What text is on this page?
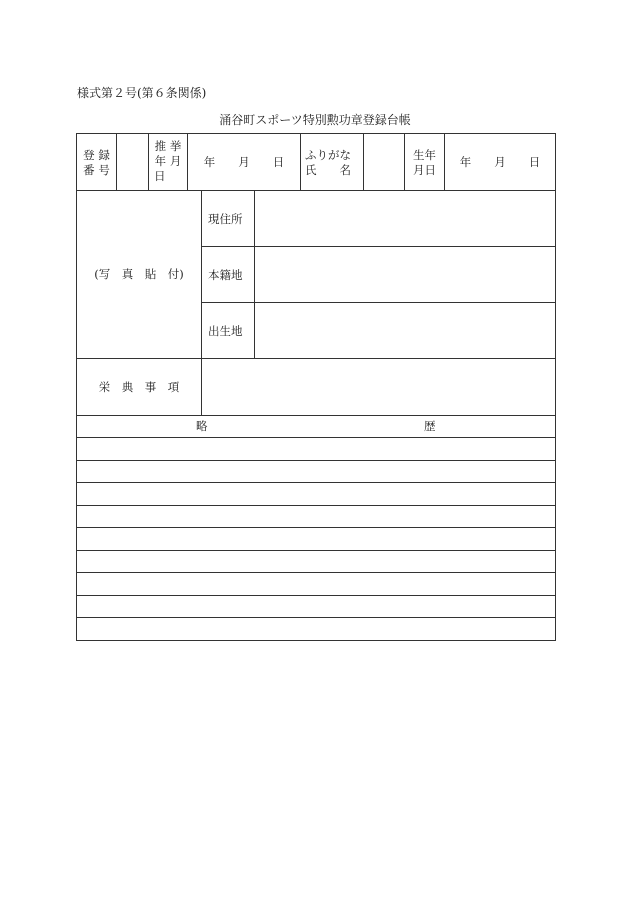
様式第２号(第６条関係)
涌谷町スポーツ特別勲功章登録台帳
登 録
番 号
推 挙
年 月
日
年　　月　　日	ふりがな
氏　　名
生年
月日
年　　月　　日
(写　真　貼　付)
現住所
本籍地
出生地
栄　典　事　項
略	歴
